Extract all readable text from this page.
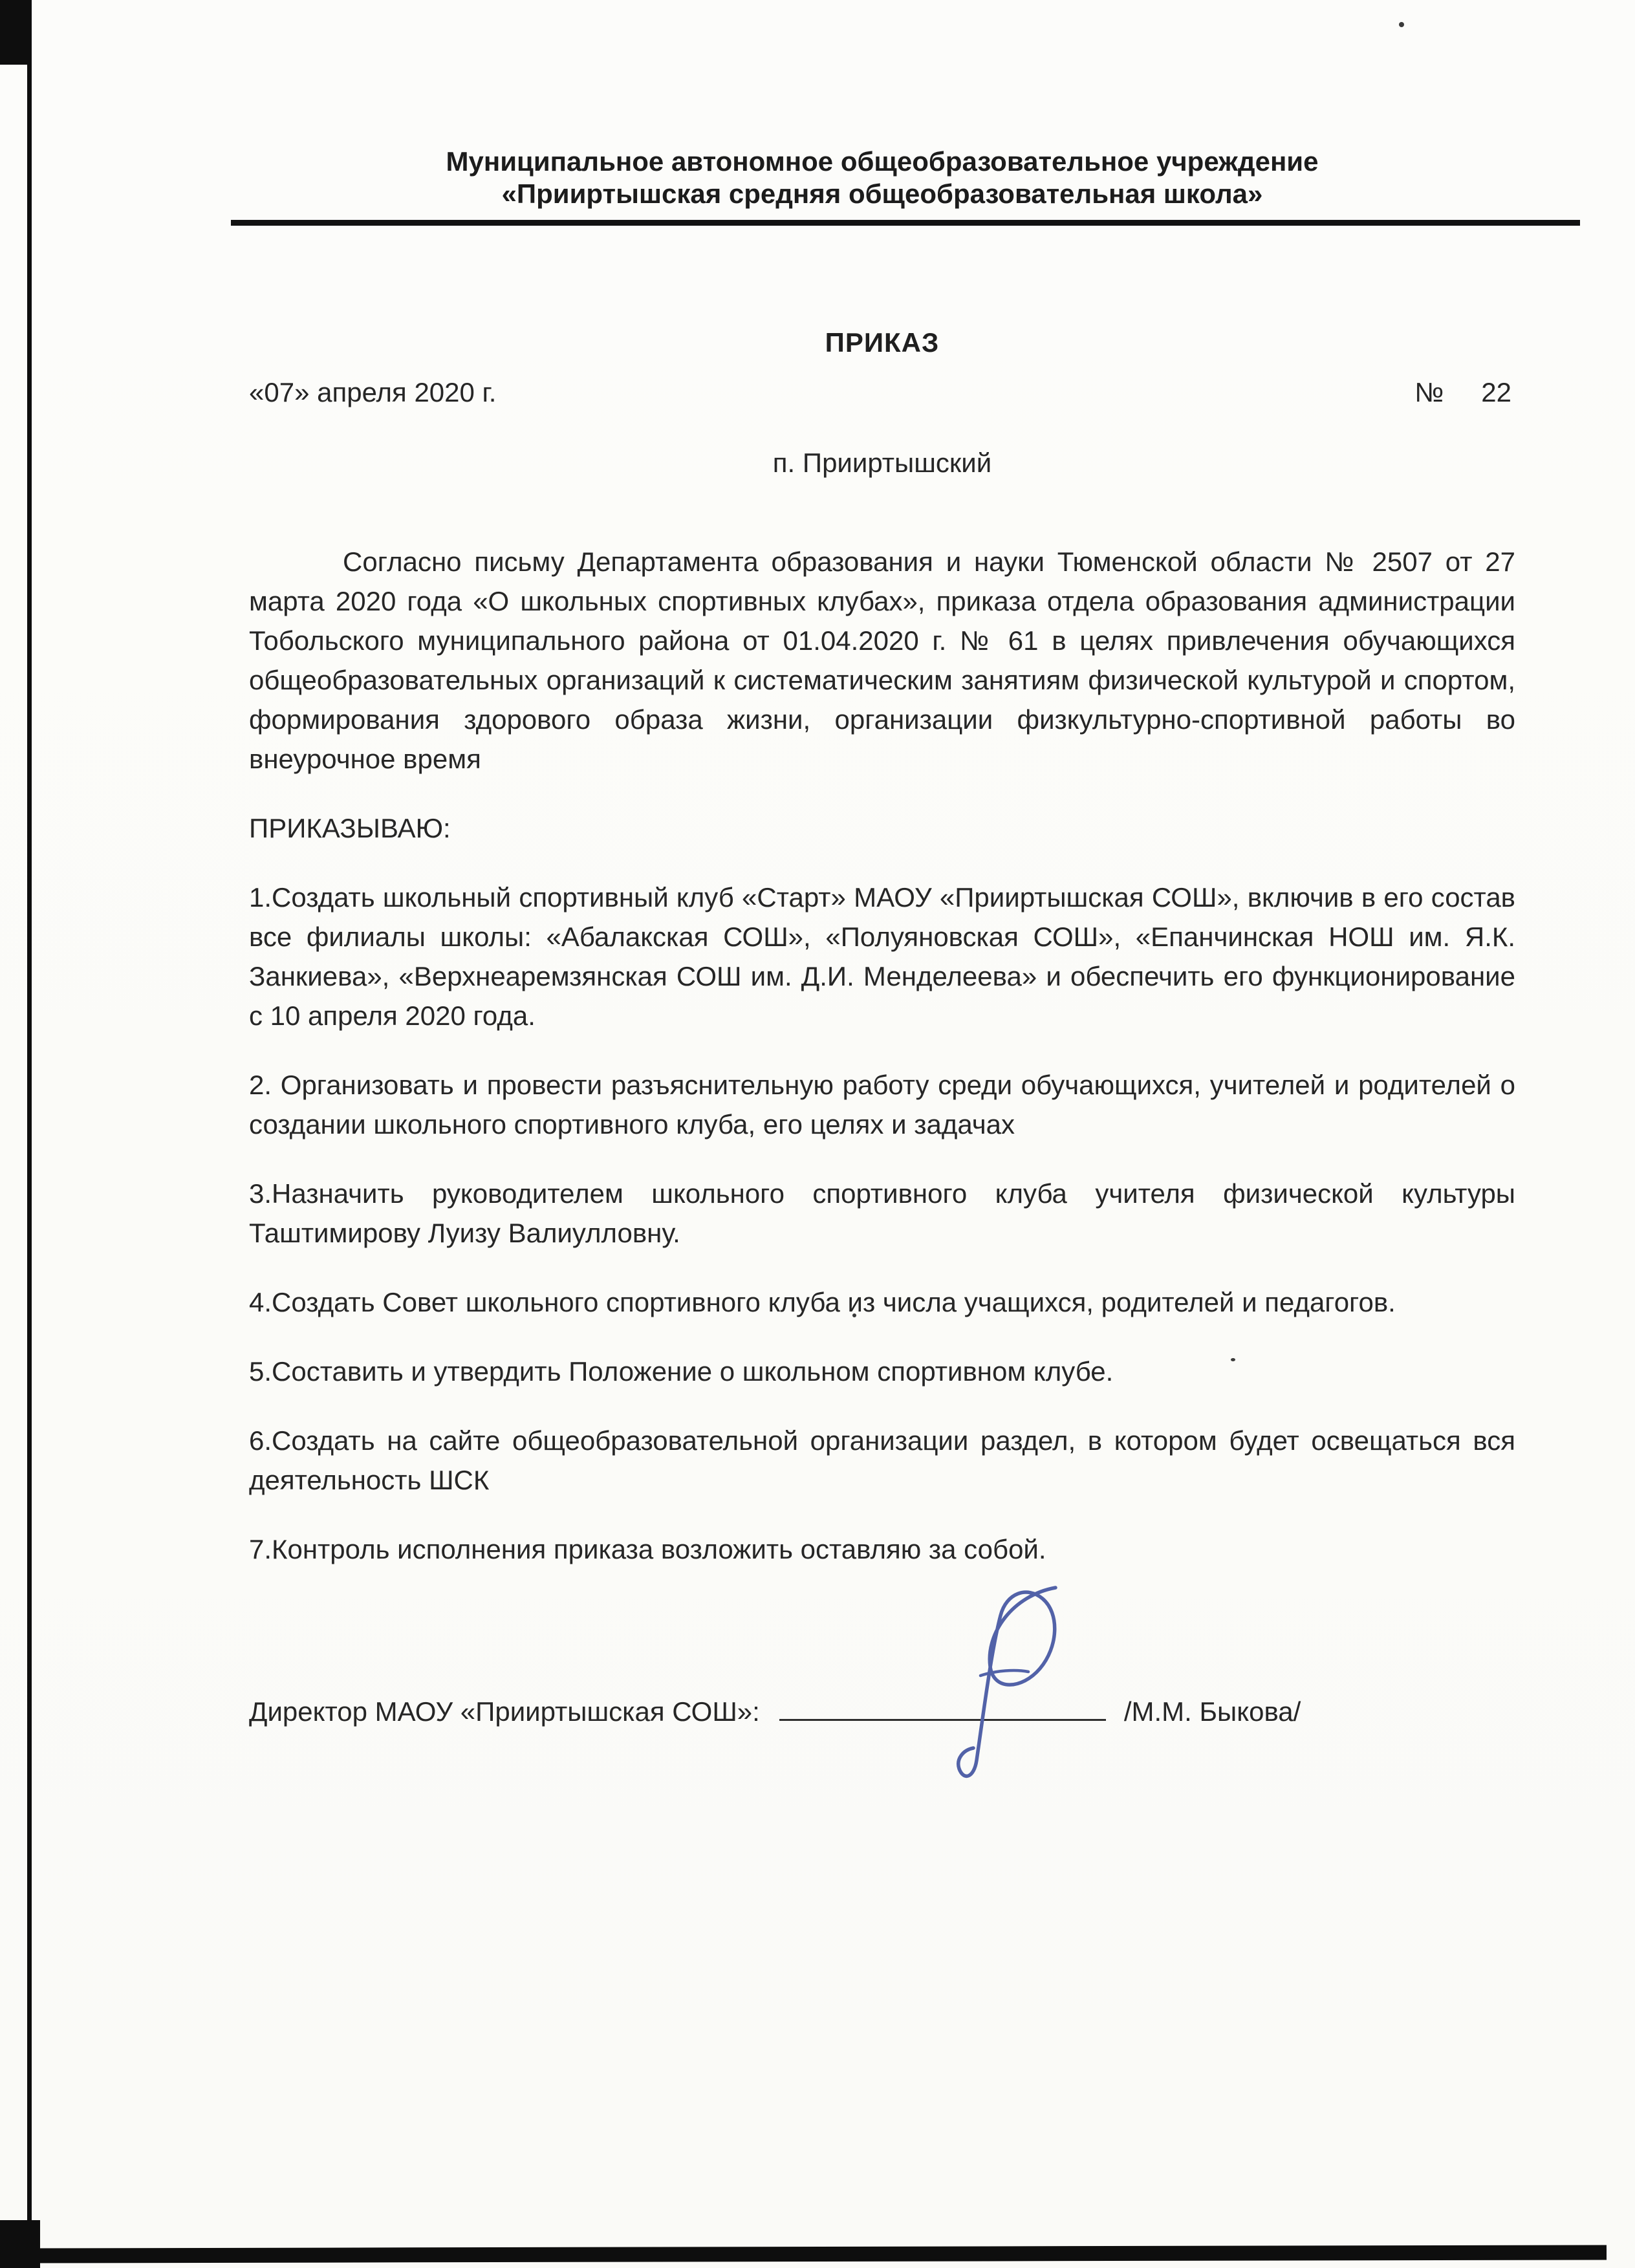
Муниципальное автономное общеобразовательное учреждение
«Прииртышская средняя общеобразовательная школа»
ПРИКАЗ
«07» апреля 2020 г.	№ 22
п. Прииртышский

Согласно письму Департамента образования и науки Тюменской области № 2507 от 27 марта 2020 года «О школьных спортивных клубах», приказа отдела образования администрации Тобольского муниципального района от 01.04.2020 г. № 61 в целях привлечения обучающихся общеобразовательных организаций к систематическим занятиям физической культурой и спортом, формирования здорового образа жизни, организации физкультурно-спортивной работы во внеурочное время

ПРИКАЗЫВАЮ:

1.Создать школьный спортивный клуб «Старт» МАОУ «Прииртышская СОШ», включив в его состав все филиалы школы: «Абалакская СОШ», «Полуяновская СОШ», «Епанчинская НОШ им. Я.К. Занкиева», «Верхнеаремзянская СОШ им. Д.И. Менделеева» и обеспечить его функционирование с 10 апреля 2020 года.

2. Организовать и провести разъяснительную работу среди обучающихся, учителей и родителей о создании школьного спортивного клуба, его целях и задачах

3.Назначить руководителем школьного спортивного клуба учителя физической культуры Таштимирову Луизу Валиулловну.

4.Создать Совет школьного спортивного клуба из числа учащихся, родителей и педагогов.

5.Составить и утвердить Положение о школьном спортивном клубе.

6.Создать на сайте общеобразовательной организации раздел, в котором будет освещаться вся деятельность ШСК

7.Контроль исполнения приказа возложить оставляю за собой.

Директор МАОУ «Прииртышская СОШ»:	/М.М. Быкова/
